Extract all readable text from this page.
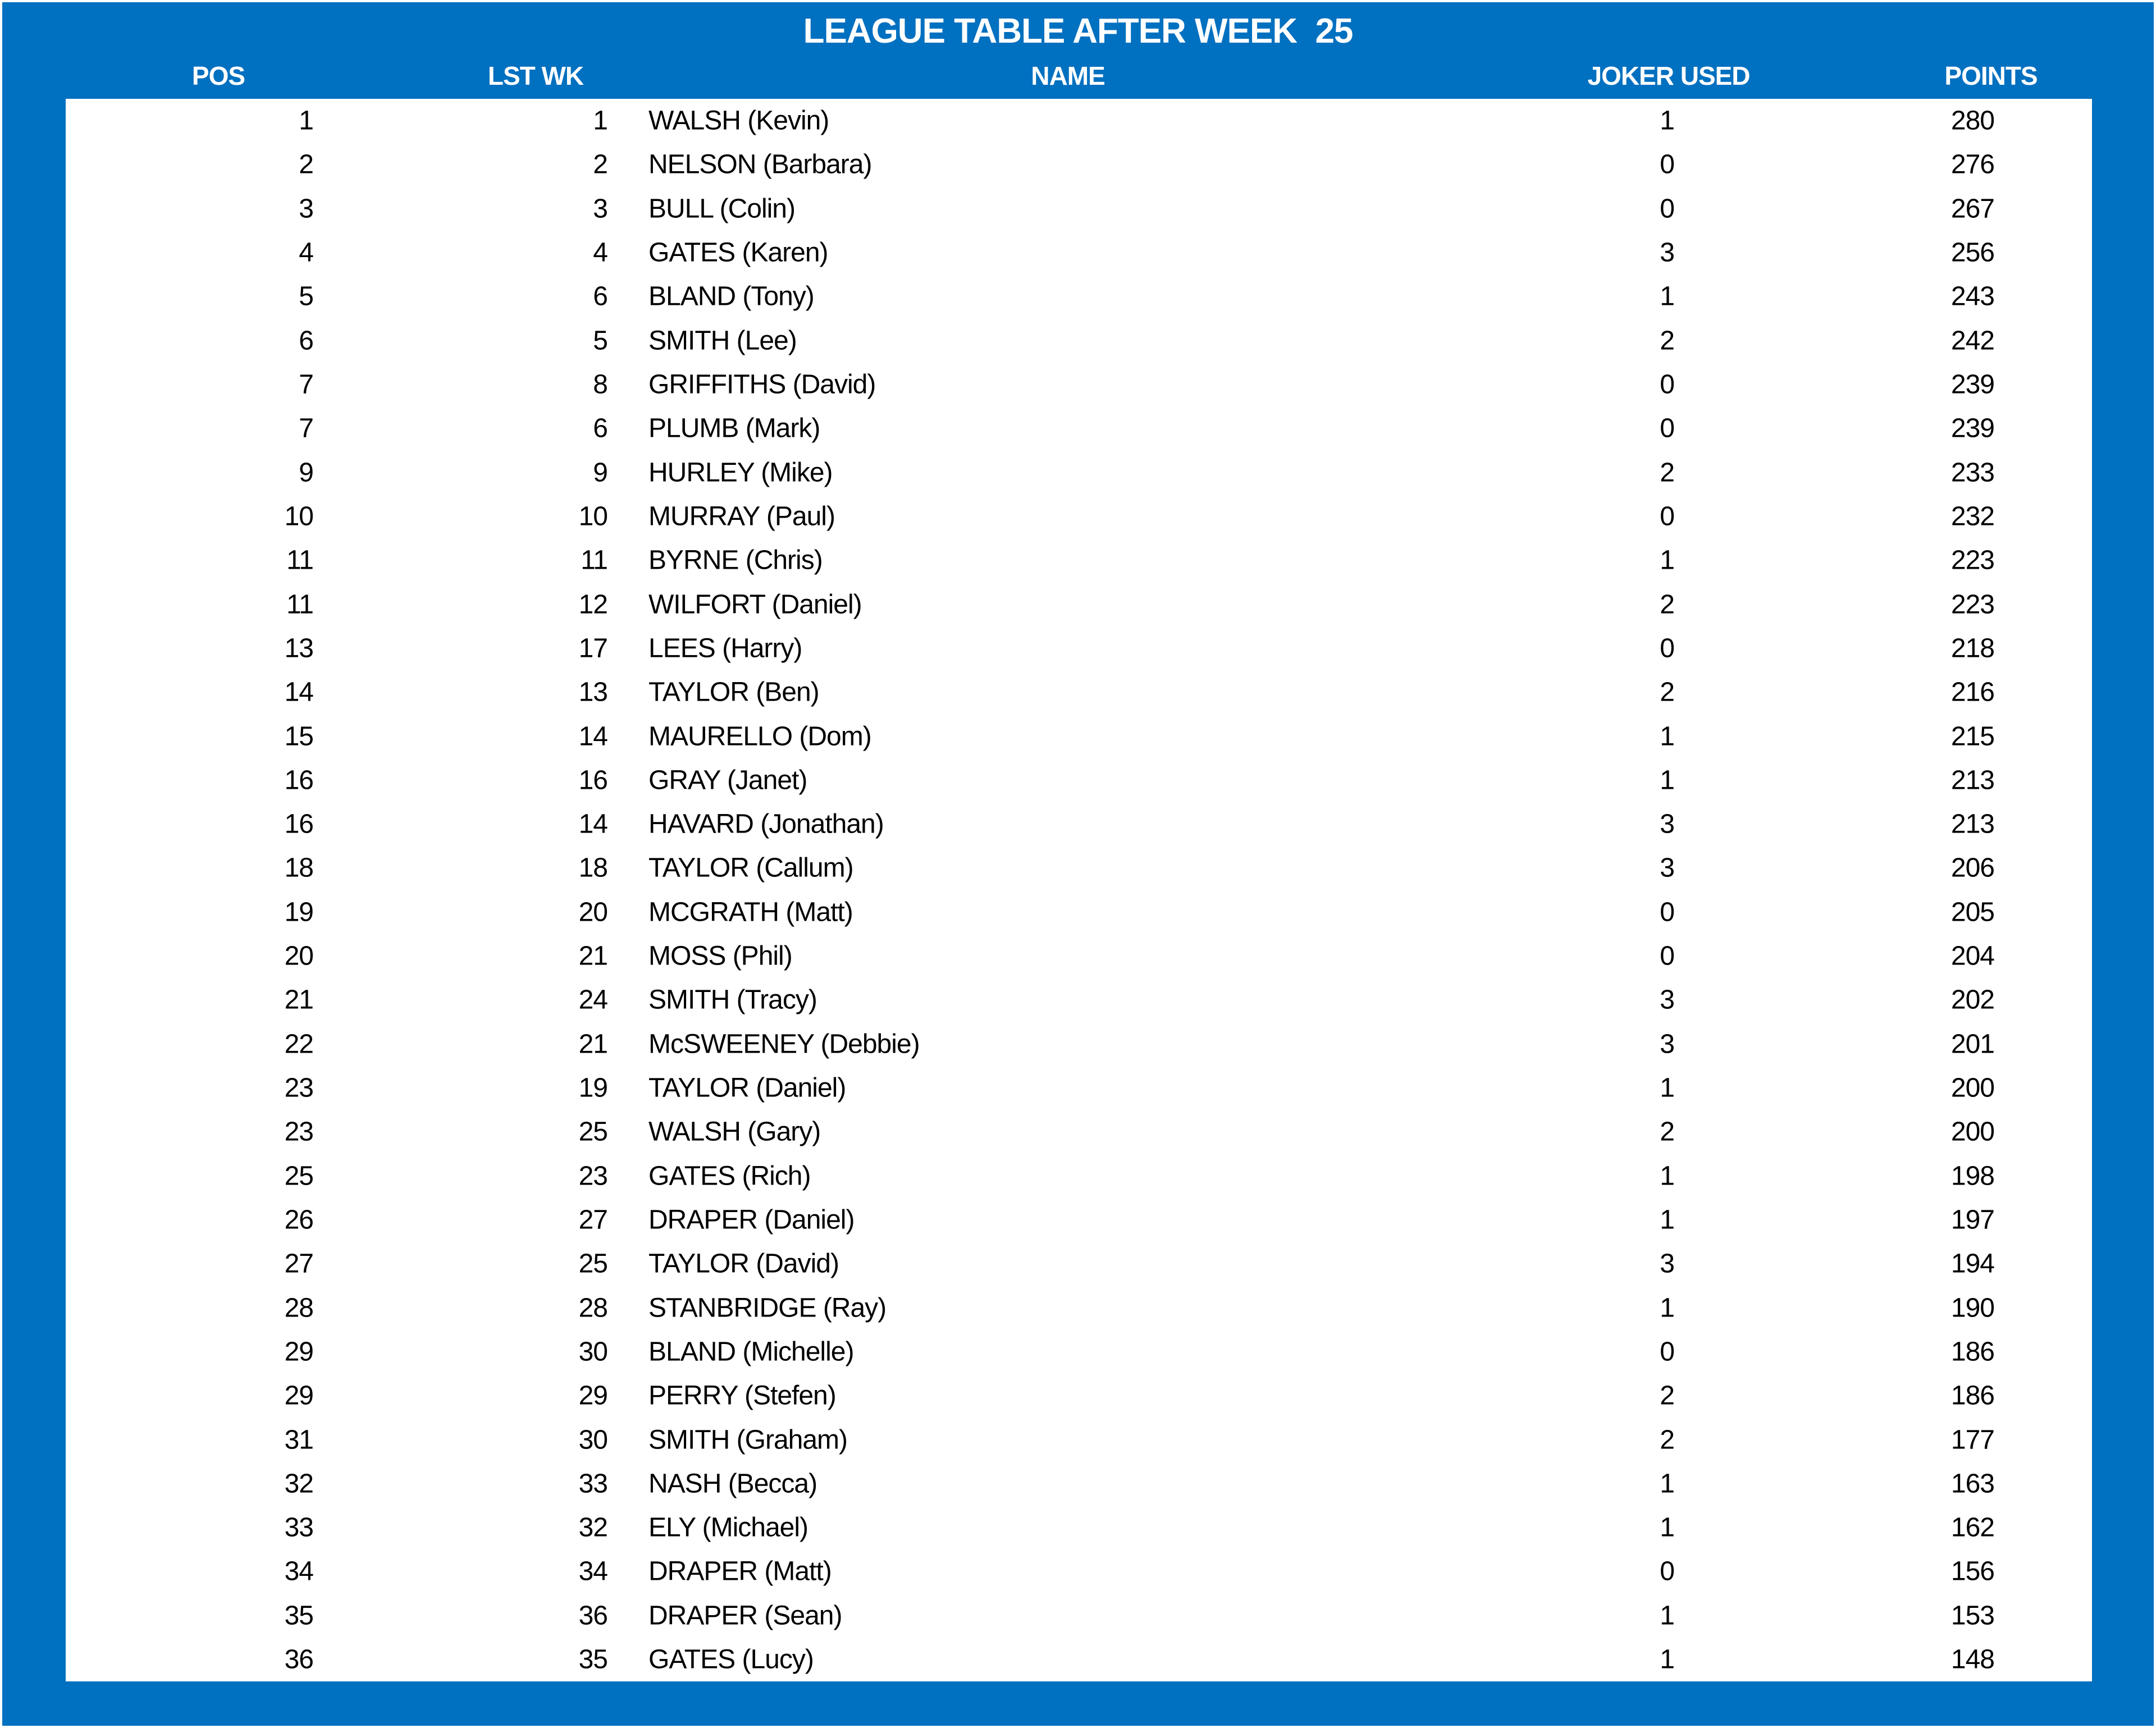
LEAGUE TABLE AFTER WEEK  25
POS	LST WK	NAME	JOKER USED	POINTS
1	1 WALSH (Kevin)	1	280
2	2 NELSON (Barbara)	0	276
3	3 BULL (Colin)	0	267
4	4 GATES (Karen)	3	256
5	6 BLAND (Tony)	1	243
6	5 SMITH (Lee)	2	242
7	8 GRIFFITHS (David)	0	239
7	6 PLUMB (Mark)	0	239
9	9 HURLEY (Mike)	2	233
10	10 MURRAY (Paul)	0	232
11	11 BYRNE (Chris)	1	223
11	12 WILFORT (Daniel)	2	223
13	17 LEES (Harry)	0	218
14	13 TAYLOR (Ben)	2	216
15	14 MAURELLO (Dom)	1	215
16	16 GRAY (Janet)	1	213
16	14 HAVARD (Jonathan)	3	213
18	18 TAYLOR (Callum)	3	206
19	20 MCGRATH (Matt)	0	205
20	21 MOSS (Phil)	0	204
21	24 SMITH (Tracy)	3	202
22	21 McSWEENEY (Debbie)	3	201
23	19 TAYLOR (Daniel)	1	200
23	25 WALSH (Gary)	2	200
25	23 GATES (Rich)	1	198
26	27 DRAPER (Daniel)	1	197
27	25 TAYLOR (David)	3	194
28	28 STANBRIDGE (Ray)	1	190
29	30 BLAND (Michelle)	0	186
29	29 PERRY (Stefen)	2	186
31	30 SMITH (Graham)	2	177
32	33 NASH (Becca)	1	163
33	32 ELY (Michael)	1	162
34	34 DRAPER (Matt)	0	156
35	36 DRAPER (Sean)	1	153
36	35 GATES (Lucy)	1	148
